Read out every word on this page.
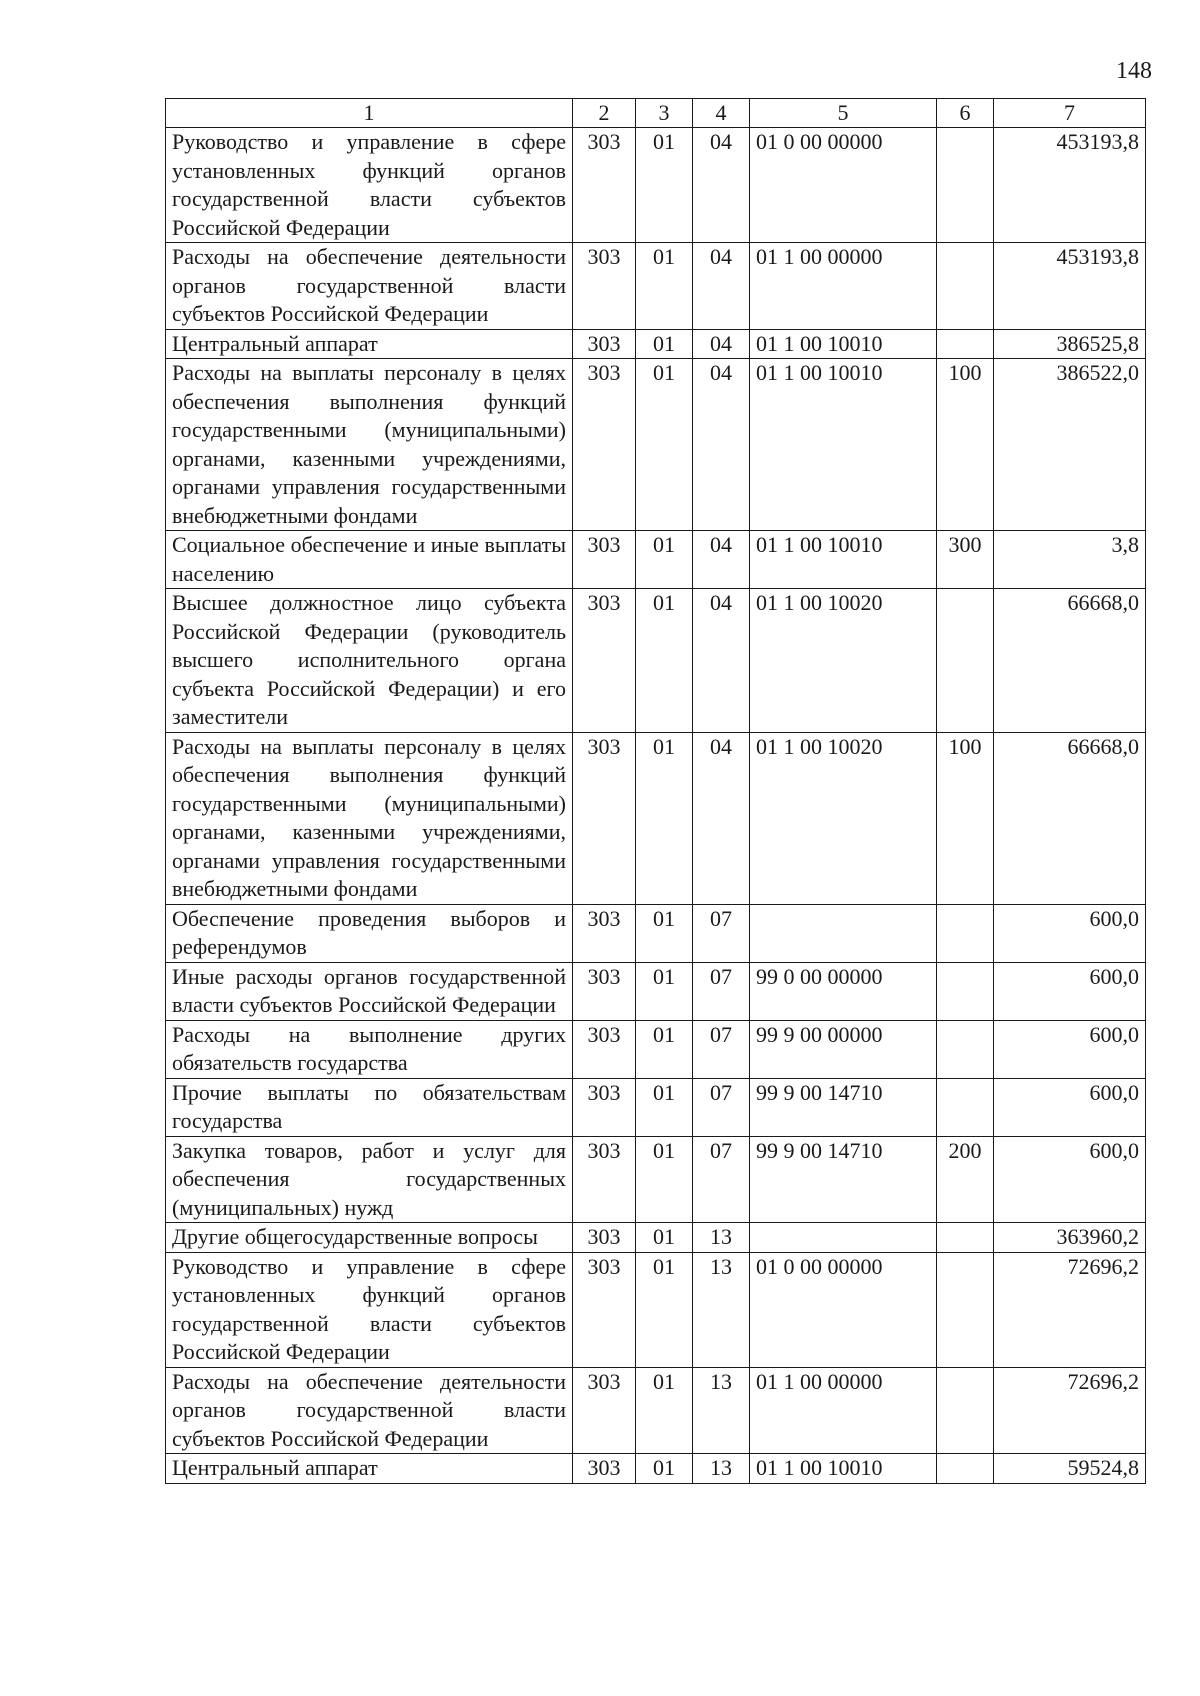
148
1	2	3	4	5	6	7
Руководство и управление в сфере установленных функций органов государственной власти субъектов Российской Федерации	303	01	04	01 0 00 00000		453193,8
Расходы на обеспечение деятельности органов государственной власти субъектов Российской Федерации	303	01	04	01 1 00 00000		453193,8
Центральный аппарат	303	01	04	01 1 00 10010		386525,8
Расходы на выплаты персоналу в целях обеспечения выполнения функций государственными (муниципальными) органами, казенными учреждениями, органами управления государственными внебюджетными фондами	303	01	04	01 1 00 10010	100	386522,0
Социальное обеспечение и иные выплаты населению	303	01	04	01 1 00 10010	300	3,8
Высшее должностное лицо субъекта Российской Федерации (руководитель высшего исполнительного органа субъекта Российской Федерации) и его заместители	303	01	04	01 1 00 10020		66668,0
Расходы на выплаты персоналу в целях обеспечения выполнения функций государственными (муниципальными) органами, казенными учреждениями, органами управления государственными внебюджетными фондами	303	01	04	01 1 00 10020	100	66668,0
Обеспечение проведения выборов и референдумов	303	01	07			600,0
Иные расходы органов государственной власти субъектов Российской Федерации	303	01	07	99 0 00 00000		600,0
Расходы на выполнение других обязательств государства	303	01	07	99 9 00 00000		600,0
Прочие выплаты по обязательствам государства	303	01	07	99 9 00 14710		600,0
Закупка товаров, работ и услуг для обеспечения государственных (муниципальных) нужд	303	01	07	99 9 00 14710	200	600,0
Другие общегосударственные вопросы	303	01	13			363960,2
Руководство и управление в сфере установленных функций органов государственной власти субъектов Российской Федерации	303	01	13	01 0 00 00000		72696,2
Расходы на обеспечение деятельности органов государственной власти субъектов Российской Федерации	303	01	13	01 1 00 00000		72696,2
Центральный аппарат	303	01	13	01 1 00 10010		59524,8
